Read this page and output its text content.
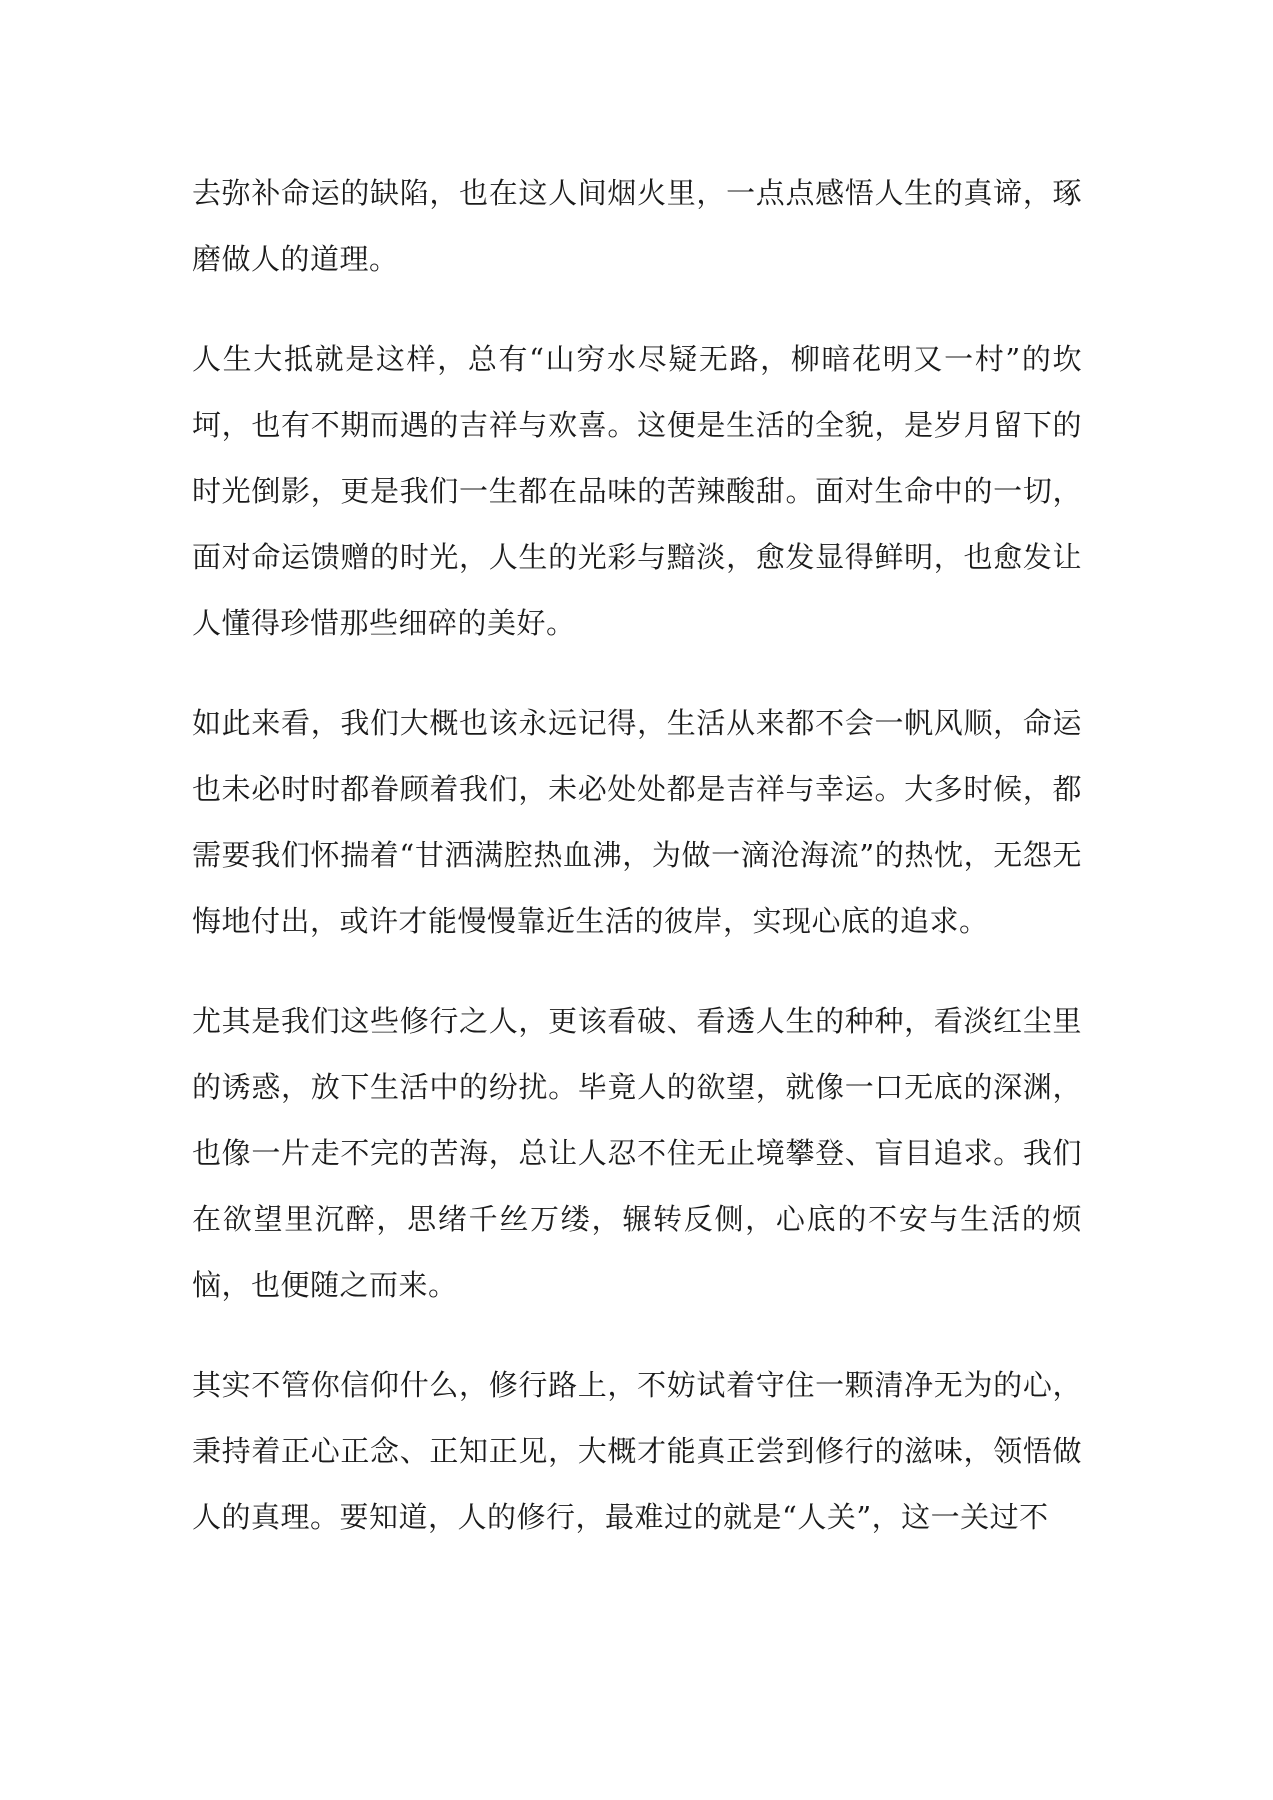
去弥补命运的缺陷，也在这人间烟火里，一点点感悟人生的真谛，琢磨做人的道理。

人生大抵就是这样，总有“山穷水尽疑无路，柳暗花明又一村”的坎坷，也有不期而遇的吉祥与欢喜。这便是生活的全貌，是岁月留下的时光倒影，更是我们一生都在品味的苦辣酸甜。面对生命中的一切，面对命运馈赠的时光，人生的光彩与黯淡，愈发显得鲜明，也愈发让人懂得珍惜那些细碎的美好。

如此来看，我们大概也该永远记得，生活从来都不会一帆风顺，命运也未必时时都眷顾着我们，未必处处都是吉祥与幸运。大多时候，都需要我们怀揣着“甘洒满腔热血沸，为做一滴沧海流”的热忱，无怨无悔地付出，或许才能慢慢靠近生活的彼岸，实现心底的追求。

尤其是我们这些修行之人，更该看破、看透人生的种种，看淡红尘里的诱惑，放下生活中的纷扰。毕竟人的欲望，就像一口无底的深渊，也像一片走不完的苦海，总让人忍不住无止境攀登、盲目追求。我们在欲望里沉醉，思绪千丝万缕，辗转反侧，心底的不安与生活的烦恼，也便随之而来。

其实不管你信仰什么，修行路上，不妨试着守住一颗清净无为的心，秉持着正心正念、正知正见，大概才能真正尝到修行的滋味，领悟做人的真理。要知道，人的修行，最难过的就是“人关”，这一关过不
